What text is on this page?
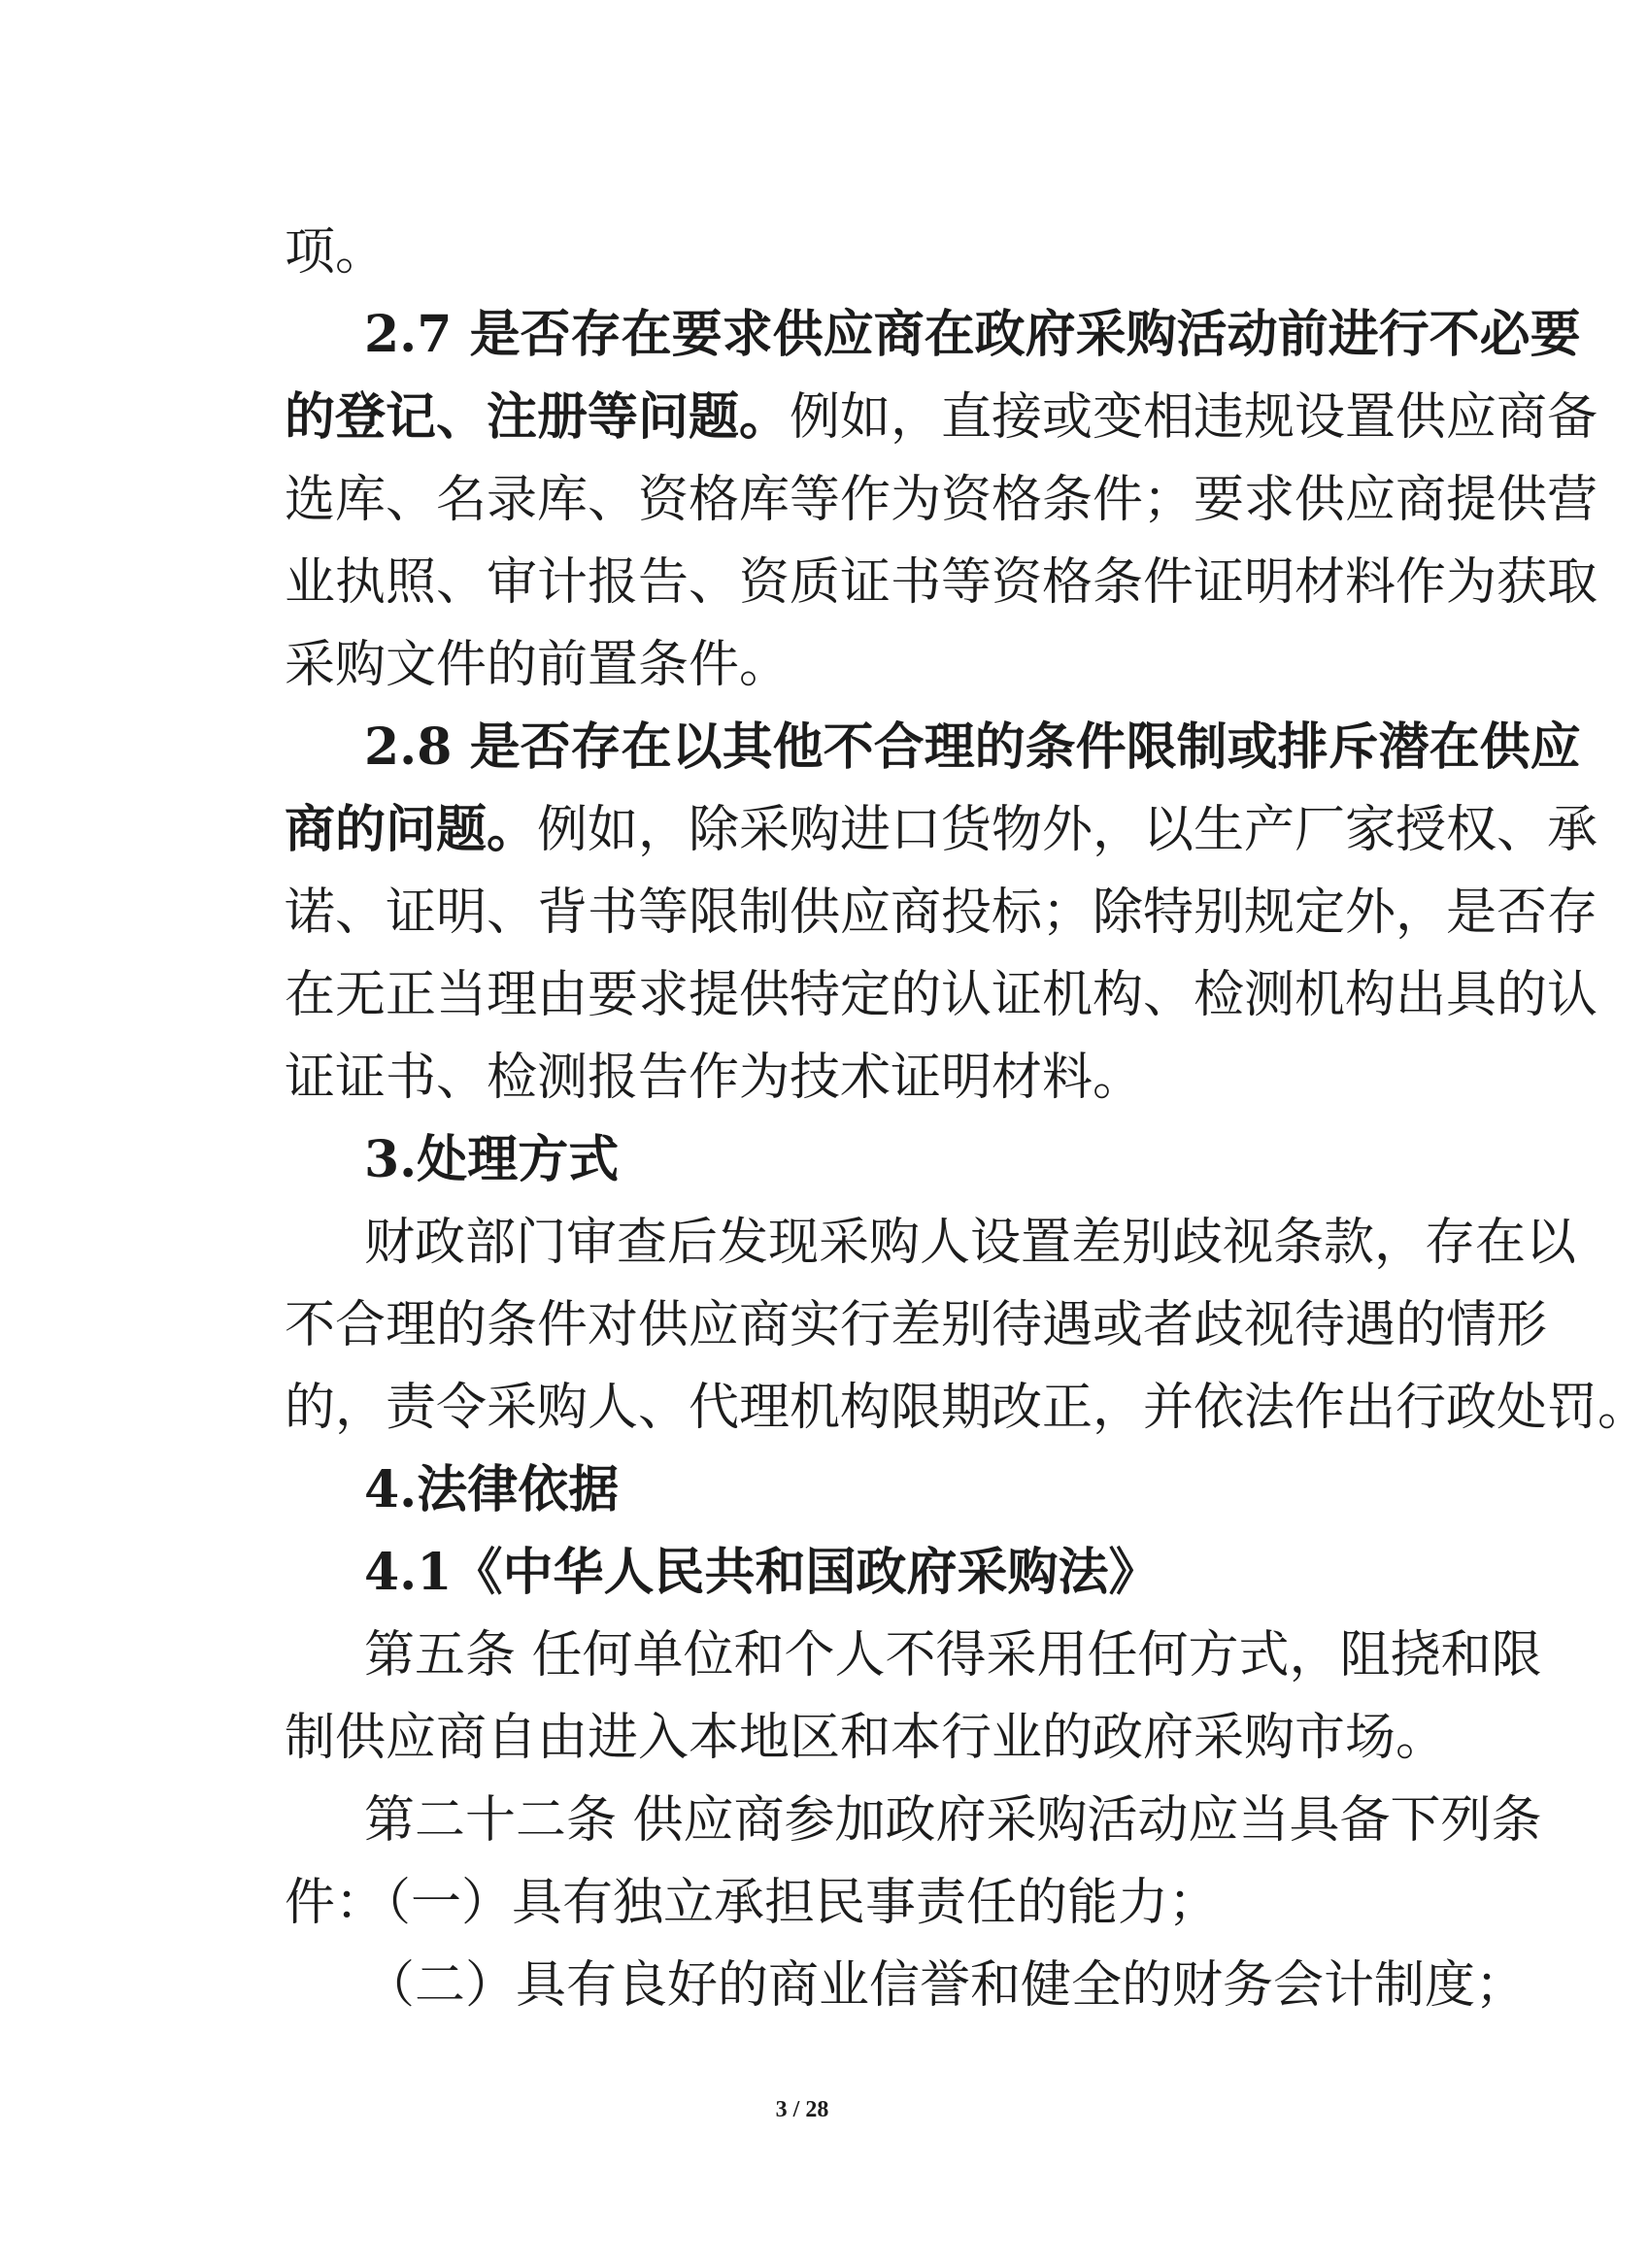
项。
2.7 是否存在要求供应商在政府采购活动前进行不必要
的登记、注册等问题。例如，直接或变相违规设置供应商备
选库、名录库、资格库等作为资格条件；要求供应商提供营
业执照、审计报告、资质证书等资格条件证明材料作为获取
采购文件的前置条件。
2.8 是否存在以其他不合理的条件限制或排斥潜在供应
商的问题。例如，除采购进口货物外，以生产厂家授权、承
诺、证明、背书等限制供应商投标；除特别规定外，是否存
在无正当理由要求提供特定的认证机构、检测机构出具的认
证证书、检测报告作为技术证明材料。
3.处理方式
财政部门审查后发现采购人设置差别歧视条款，存在以
不合理的条件对供应商实行差别待遇或者歧视待遇的情形
的，责令采购人、代理机构限期改正，并依法作出行政处罚。
4.法律依据
4.1《中华人民共和国政府采购法》
第五条 任何单位和个人不得采用任何方式，阻挠和限
制供应商自由进入本地区和本行业的政府采购市场。
第二十二条 供应商参加政府采购活动应当具备下列条
件：（一）具有独立承担民事责任的能力；
（二）具有良好的商业信誉和健全的财务会计制度；
3 / 28
